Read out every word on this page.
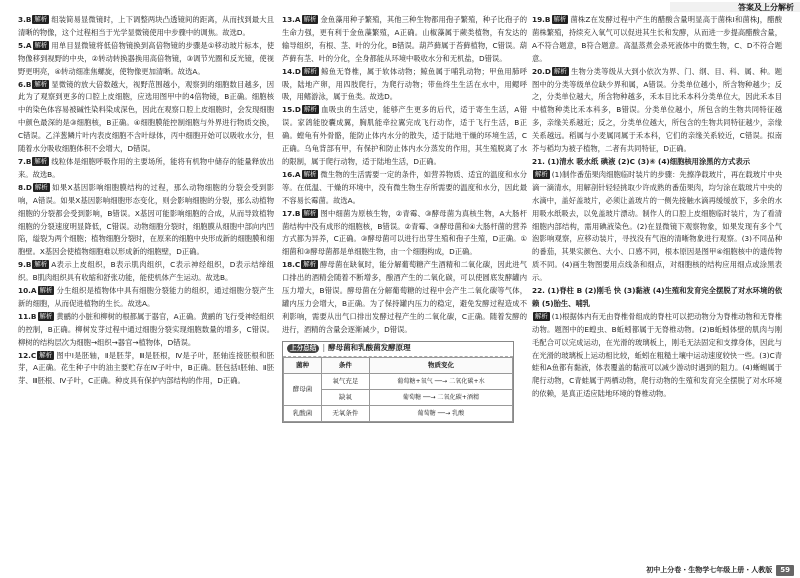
答案及上分解析
3.B 解析 组装简易显微镜时，上下调整两块凸透镜间的距离，从而找到最大且清晰的物像，这个过程相当于光学显微镜使用中步骤中的调焦。故选D。
5.A 解析 用单目显微镜将低倍物镜换到高倍物镜的步骤是①移动玻片标本，使物像移到视野的中央，②转动转换器换用高倍物镜，③调节光圈和反光镜，使视野更明亮，④转动细准焦螺旋，使物像更加清晰。故选A。
6.B 解析 显微镜的放大倍数越大，视野范围越小，观察到的细胞数目越多，因此为了观察到更多的口腔上皮细胞，应选用图甲中的4倍物镜，B正确。细胞核中的染色体容易被碱性染料染成深色，因此在观察口腔上皮细胞时，会发现细胞中颜色最深的是③细胞核，B正确。④细胞膜能控制细胞与外界进行物质交换，C错误。乙洋葱鳞片叶内表皮细胞不含叶绿体，丙中细胞开始可以吸收水分，但随着水分吸收细胞体积不会增大，D错误。
7.B 解析 线粒体是细胞呼吸作用的主要场所，能将有机物中储存的能量释放出来。故选B。
8.D 解析 如果X基因影响细胞膜结构的过程，那么动物细胞的分裂会受到影响，A错误。如果X基因影响细胞形态变化，则会影响细胞的分裂，那么动植物细胞的分裂都会受到影响，B错误。X基因可能影响细胞的合成，从而导致植物细胞的分裂速度明显降低，C错误。动物细胞分裂时，细胞膜从细胞中部向内凹陷，缢裂为两个细胞；植物细胞分裂时，在原来的细胞中央形成新的细胞膜和细胞壁。X基因会使植物细胞难以形成新的细胞壁，D正确。
9.B 解析 A表示上皮组织，B表示肌肉组织，C表示神经组织，D表示结缔组织。B肌肉组织具有收缩和舒张功能，能使机体产生运动。故选B。
10.A 解析 分生组织是植物体中具有细胞分裂能力的组织，通过细胞分裂产生新的细胞，从而促进植物的生长。故选A。
11.B 解析 黄鹂的小脏和柳树的根都属于器官，A正确。黄鹂的飞行受神经组织的控制，B正确。柳树发芽过程中通过细胞分裂实现细胞数量的增多，C错误。柳树的结构层次为细胞→组织→器官→植物体，D错误。
12.C 解析 图中Ⅰ是胚轴，Ⅱ是胚芽，Ⅲ是胚根，Ⅳ是子叶，胚轴连接胚根和胚芽，A正确。花生种子中的油主要贮存在Ⅳ子叶中，B正确。胚包括Ⅰ胚轴、Ⅱ胚芽、Ⅲ胚根、Ⅳ子叶，C正确。种皮具有保护内部结构的作用，D正确。
13.A 解析 金鱼藻用种子繁殖，其他三种生物都用孢子繁殖，种子比孢子的生命力强，更有利于金鱼藻繁殖，A正确。山椒藻属于蕨类植物，有发达的输导组织，有根、茎、叶的分化，B错误。葫芦藓属于苔藓植物，C错误。葫芦藓有茎、叶的分化，全身都能从环境中吸收水分和无机盐，D错误。
14.D 解析 鲸鱼无脊椎，属于软体动物；鲸鱼属于哺乳动物；甲鱼用肺呼吸，陆地产卵，用四肢爬行，为爬行动物；带鱼终生生活在水中，用鳃呼吸，用鳍游泳，属于鱼类。故选D。
15.D 解析 血吸虫的生活史，能够产生更多的后代，适于寄生生活，A错误。家鸽能胶囊成翼，胸肌能牵拉翼完成飞行动作，适于飞行生活，B正确。螳龟有外骨骼，能防止体内水分的散失，适于陆地干燥的环境生活，C正确。乌龟背部有甲，有保护和防止体内水分蒸发的作用，其生殖脱离了水的限制，属于爬行动物，适于陆地生活，D正确。
16.A 解析 微生物的生活需要一定的条件，如营养物质、适宜的温度和水分等。在低温、干燥的环境中，没有微生物生存所需要的温度和水分，因此最不容易长霉菌。故选A。
17.B 解析 图中细菌为原核生物，②青霉、③酵母菌为真核生物，A大肠杆菌结构中没有成形的细胞核，B错误。②青霉、③酵母菌和④大肠杆菌的营养方式都为异养，C正确。③酵母菌可以进行出芽生殖和孢子生殖，D正确。①细菌和③酵母菌都是单细胞生物，由一个细胞构成，D正确。
18.C 解析 酵母菌在缺氧时，能分解葡萄糖产生酒精和二氧化碳，因此进气口排出的酒精会随着不断增多，酿酒产生的二氧化碳，可以使圆底发酵罐内压力增大，B错误。酵母菌在分解葡萄糖的过程中会产生二氧化碳等气体，罐内压力会增大，B正确。为了保持罐内压力的稳定，避免发酵过程造成不利影响，需要从出气口排出发酵过程产生的二氧化碳，C正确。随着发酵的进行，酒精的含量会逐渐减少，D错误。
上分总结 | 酵母菌和乳酸菌发酵原理
菌种	条件	物质变化
酵母菌	氧气充足	葡萄糖+氧气 ──→ 二氧化碳+水
	缺氧	葡萄糖 ──→ 二氧化碳+酒精
乳酸菌	无氧条件	葡萄糖 ──→ 乳酸
19.B 解析 菌株Z在发酵过程中产生的醋酸含量明显高于菌株I和菌株J，醋酸菌株繁殖，持续充入氧气可以促进其生长和发酵，从而进一步提高醋酸含量，A不符合题意，B符合题意。高温蒸煮会杀死液体中的微生物，C、D不符合题意。
20.D 解析 生物分类等级从大到小依次为界、门、纲、目、科、属、种。题图中的分类等级单位缺少界和属，A错误。分类单位越小，所含物种越少；反之，分类单位越大，所含物种越多，禾本目比禾本科分类单位大，因此禾本目中植物种类比禾本科多，B错误。分类单位越小，所包含的生物共同特征越多，亲缘关系越近；反之，分类单位越大，所包含的生物共同特征越少，亲缘关系越远。稻属与小麦属同属于禾本科，它们的亲缘关系较近，C错误。拟南芥与稻均为被子植物，二者有共同特征，D正确。
21. (1)清水 吸水纸 碘液 (2)C (3)④ (4)细胞核用涂黑的方式表示
解析 (1)制作番茄果肉细胞临时装片的步骤：先擦净载玻片，再在载玻片中央滴一滴清水，用解剖针轻轻挑取少许成熟的番茄果肉，均匀涂在载玻片中央的水滴中，盖好盖玻片，必须让盖玻片的一侧先接触水滴再缓缓放下，多余的水用吸水纸吸去，以免盖玻片漂动。制作人的口腔上皮细胞临时装片，为了看清细胞内部结构，需用碘液染色。(2)在显微镜下观察物象，如果发现有多个气泡影响观察，应移动装片，寻找没有气泡的清晰物象进行观察。(3)不同品种的番茄，其果实颜色、大小、口感不同，根本原因是图甲④细胞核中的遗传物质不同。(4)画生物图要用点线条和细点，对细胞核的结构应用细点或涂黑表示。
22. (1)脊柱 B (2)刚毛 快 (3)黏液 (4)生殖和发育完全摆脱了对水环境的依赖 (5)胎生、哺乳
解析 (1)根据体内有无由脊椎骨组成的脊柱可以把动物分为脊椎动物和无脊椎动物。题图中的E蝗虫、B蚯蚓都属于无脊椎动物。(2)B蚯蚓体壁的肌肉与刚毛配合可以完成运动，在光滑的玻璃板上，刚毛无法固定和支撑身体，因此与在光滑的玻璃板上运动相比较，蚯蚓在粗糙土壤中运动速度较快一些。(3)C青蛙和A鱼都有黏液，体表覆盖的黏液可以减少游动时遇到的阻力。(4)蜥蜴属于爬行动物，C青蛙属于两栖动物，爬行动物的生殖和发育完全摆脱了对水环境的依赖，是真正适应陆地环境的脊椎动物。
初中上分卷・生物学七年级上册・人教版	59
